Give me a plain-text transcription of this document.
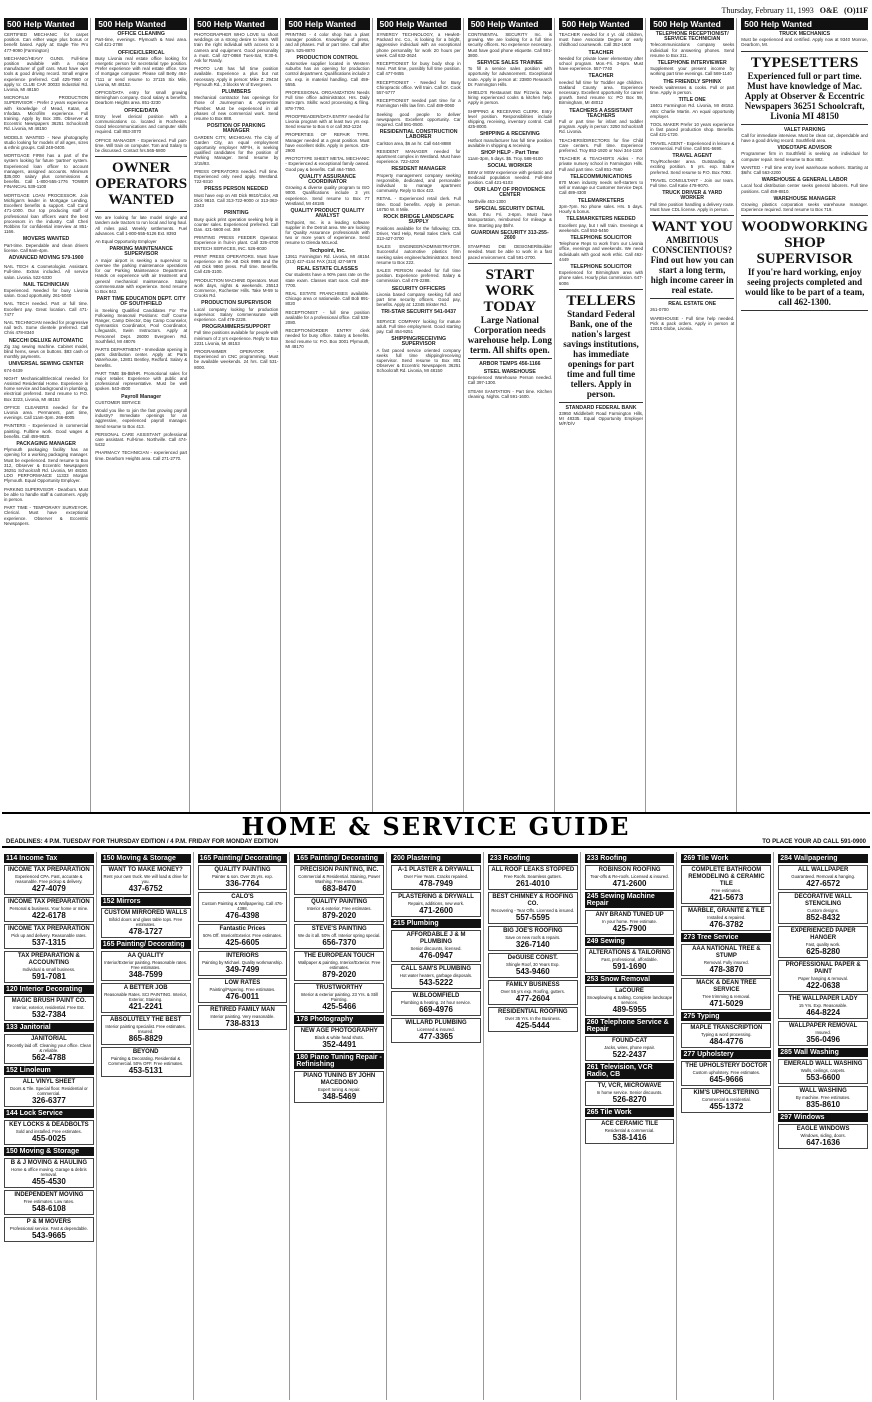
Thursday, February 11, 1993 O&E (O)11F
500 Help Wanted
CERTIFIED MECHANIC for carpet position. Can either wage plus bonus or benefit based. Apply at: Eagle Tire Pro 477-9090 (Farmington)
MECHANIC/HEAVY GUNS. Full-time position available with a major manufacturer of golf cars. Must have own tools & good driving record. Small engine experience preferred. Call 425-7960 or apply to: CLUB CAR 30033 Industrial Rd. Livonia, MI 48150
MICROFILM PRODUCTION SUPERVISOR - Prefer 2 years experience with knowledge of Mead, Katan, & Infodata. Microfilm experience. Full training. Apply by Box 305. Observer & Eccentric Newspapers 36251 Schoolcraft Rd. Livonia, MI 48150
MODELS WANTED - New photography studio looking for models of all ages, sizes & ethnic groups. Call 248-0400.
MORTGAGE FIRM has a part of the system looking for future 'partner' system. Experienced loan officer to account managers, assigned accounts. Minimum $35,000 salary plus commissions & benefits. Call 1-800-555-1776 TOWER FINANCIAL 539-1100
MORTGAGE LOAN PROCESSOR. Join Michigan's leader in Mortgage Lending. Excellent benefits & support. Call Carol 471-1000. Our top producing staff of professional loan officers want the best processors in the industry. Call Cheri Robbins for confidential interview at 851-1166.
MOVERS WANTED
Part-time. Dependable and clean drivers license. Call 9am-4pm.
ADVANCED MOVING 579-1900
NAIL TECH & Cosmetologist. Assistant. Full-time. Extras included. All service salon. Livonia. 522-5330
NAIL TECHNICIAN
Experienced. Needed for busy Livonia salon. Good opportunity. 261-5040
NAIL TECH needed. Part or full time. Excellent pay. Great location. Call 471-7477
NAIL TECHNICIAN needed for progressive nail tech. Some clientele preferred. Call Chris 478-8340
NECCHI DELUXE AUTOMATIC
Zig zag sewing machine. Cabinet model, blind hems, sews on buttons. $83 cash or monthly payments.
UNIVERSAL SEWING CENTER
674-0439
NIGHT Mechanical/Electrical needed for Assisted Residential Home. Experience in home service and background in plumbing, electrical preferred. Send resume to P.O. Box 3223, Livonia, MI 48153
OFFICE CLEANERS needed for the Livonia area. Permanent, part time, evenings. Call 11am-3pm. 266-8005
PAINTERS - Experienced in commercial painting. Fulltime work. Good wages & benefits. Call 459-9820.
PACKAGING MANAGER
Plymouth packaging facility has an opening for a working packaging manager. Must be experienced. Send resume to Box 312, Observer & Eccentric Newspapers 36251 Schoolcraft Rd. Livonia, MI 48150. LDO PERFORMANCE 11333 Morgan Plymouth. Equal Opportunity Employer.
PARKING SUPERVISOR - Dearborn. Must be able to handle staff & customers. Apply in person.
PART TIME - TEMPORARY SURVEYOR. Clerical. Must have exceptional experience. Observer & Eccentric Newspapers.
500 Help Wanted
OFFICE CLEANING
Part-time, evenings. Plymouth & Novi area. Call 421-2788
OFFICE/CLERICAL
Busy Livonia real estate office looking for energetic person for secretarial type position. Prefer experience with real estate office. Use of mortgage computer. Please call Betty 464-7111 or send resume to 37115 Six Mile, Livonia, MI 48152.
OFFICE/DATA entry for small growing Birmingham company. Good salary & benefits. Dearborn Heights area. 851-3230
OFFICE/DATA
Entry level clerical position with a communications co. located in Rochester. Good telecommunications and computer skills required. Call 853-3070
OFFICE MANAGER - Experienced. Full part-time. Will train on computer. Tom and Salary to be discussed. Contact hrs.565-5800
OWNER OPERATORS WANTED
We are looking for late model single and tandem axle tractors to run local and long haul. All miles paid. Weekly settlements. Fuel advances. Call 1-800-555-5126 Ext. 8393
An Equal Opportunity Employer
PARKING MAINTENANCE SUPERVISOR
A major airport is seeking a supervisor to oversee the parking maintenance operations for our Parking Maintenance Department. Hands on experience with air treatment and general mechanical maintenance. Salary commensurate with experience. Send resume to Box 842.
PART TIME EDUCATION DEPT. CITY OF SOUTHFIELD
is Seeking Qualified Candidates For The Following Seasonal Positions: Golf Course Ranger, Camp Director, Day Camp Counselor, Gymnastics Coordinator, Pool Coordinator, Lifeguards, Swim Instructors. Apply at Personnel Dept. 26000 Evergreen Rd. Southfield, MI 48076
PARTS DEPARTMENT - Immediate opening in parts distribution center. Apply at: Parts Warehouse, 12801 Bentley, Redford. Salary & benefits.
PART TIME $6-$8/HR. Promotional sales for major retailer. Experience with public and professional representative. Must be well spoken. 543-4500
Payroll Manager
CUSTOMER SERVICE
Would you like to join the fast growing payroll industry? Immediate openings for an aggressive, experienced payroll manager. Send resume to Box 413.
PERSONAL CARE ASSISTANT professional care assistant. Full-time. Northville. Call 474-5432
PHARMACY TECHNICIAN - experienced part time. Dearborn Heights area. Call 271-2770.
500 Help Wanted
PHOTOGRAPHER WHO LOVE to shoot weddings on a strong desire to learn. Will train the right individual with access to a camera and equipment. Good personality a must. Call 427-0868 Tues-Sat, 9:30-6. Ask for Randy.
PHOTO LAB has full time position available. Experience a plus but not necessary. Apply in person: Mike Z. 29434 Plymouth Rd., 3 blocks W of Evergreen.
PLUMBERS
Mechanical contractor has openings for those of Journeyman & Apprentice Plumber. Must be experienced in all phases of new commercial work. Send resume to Box 888.
POSITION OF PARKING MANAGER
GARDEN CITY, MICHIGAN. The City of Garden City, an equal employment opportunity employer M/F/H, is seeking qualified candidates for the position of Parking Manager. Send resume by 3/15/93.
PRESS OPERATORS needed. Full time. Experienced only need apply. Westland. 722-9310
PRESS PERSON NEEDED
Must have exp on AB Dick 9810/Color, AB Dick 9810. Call 313-722-9000 or 313-363-2343
PRINTING
Busy quick print operation seeking help in counter sales. Experienced preferred. Call Dan. 421-5600 ext. 369
PRINTING PRESS FEEDER Operator. Experience in fruit-in plant. Call 326-4700 ENTECH SERVICES, INC. 526-8030
PRINT PRESS OPERATORS. Must have experience on the AB Dick 9995 and the AB Dick 9860 press. Full time. Benefits. Call 425-3100.
PRODUCTION MACHINE Operators. Must work days, nights & weekends. 25513 Commerce, Rochester Hills. Take M-59 to Crooks Rd.
PRODUCTION SUPERVISOR
Local company looking for production supervisor. Salary commensurate with experience. Call 478-2228.
PROGRAMMERS/SUPPORT
Full time positions available for people with minimum of 2 yrs experience. Reply to Box 2231 Livonia, MI 48153
PROGRAMMER OPERATOR - Experienced on CNC programming. Must be available weekends. 24 hrs. Call 531-8000.
500 Help Wanted
PRINTING - 4 color shop has a plant manager position. Knowledge of press, and all phases. Full or part time. Call after 2pm. 525-8870
PRODUCTION CONTROL
Automotive supplier located in Western suburbs has an opening for production control department. Qualifications include 2 yrs. exp. in material handling. Call 459-5555.
PROFESSIONAL ORGANIZATION Needs Full time office administrator. Hrs. Daily 8am-2pm. Skills: word processing & filing. 878-7790.
PROOFREADER/DATA ENTRY needed for Livonia program with at least two yrs exp. Send resume to Box 6 or call 363-1224
PROPERTIES OF REPAIR TYPE. Manager needed at a great position. Must have excellent skills. Apply in person. 425-2900
PROTOTYPE SHEET METAL MECHANIC - Experienced & exceptional family owned. Good pay & benefits. Call 464-7550.
QUALITY ASSURANCE COORDINATOR
Growing & diverse quality program to ISO 9000. Qualifications include 3 yrs experience. Send resume to Box 77 Westland, MI 48185
QUALITY PRODUCT QUALITY ANALYST
Techpoint, Inc. is a leading software supplier in the Detroit area. We are looking for Quality Assurance professionals with two or more years of experience. Send resume to Glenda McLeod.
Techpoint, Inc.
13911 Farmington Rd. Livonia, MI 48154 (313) 427-4144 FAX (313) 427-5978
REAL ESTATE CLASSES
Our students have a 90% pass rate on the state exam. Classes start soon. Call 458-7700.
REAL ESTATE FRANCHISES available. Chicago area or nationwide. Call Bob 891-8020
RECEPTIONIST - full time position available for a professional office. Call 538-2080.
RECEPTION/ORDER ENTRY clerk needed for busy office. Salary & benefits. Send resume to: P.O. Box 3001 Plymouth, MI 48170
500 Help Wanted
SYNERGY TECHNOLOGY, a Hewlett-Packard Inc. Co., is looking for a bright, aggressive individual with an exceptional phone personality for work 20 hours per week. Call 632-3624
RECEPTIONIST for busy body shop in Novi. Part time, possibly full time position. Call 477-9455
RECEPTIONIST - Needed for Busy Chiropractic office. Will train. Call Dr. Cook 557-5777
RECEPTIONIST needed part time for a Farmington Hills law firm. Call 489-0060
Seeking good people to deliver newspapers. Excellent opportunity. Car required. Call 591-0500.
RESIDENTIAL CONSTRUCTION LABORER
Carlston area, $6 an hr. Call 644-8888
RESIDENT MANAGER needed for apartment complex in Westland. Must have experience. 722-4200
RESIDENT MANAGER
Property management company seeking responsible, dedicated, and personable individual to manage apartment community. Reply to Box 422.
RETAIL - Experienced retail clerk. Full time. Good benefits. Apply in person. 16750 W. 8 Mile.
ROCK BRIDGE LANDSCAPE SUPPLY
Positions available for the following: CDL Driver, Yard Help, Retail Sales Clerk. Call 313-427-3700
SALES ENGINEER/ADMINISTRATOR. Successful automotive plastics firm seeking sales engineer/administrator. Send resume to Box 222.
SALES PERSON needed for full time position. Experience preferred. Salary & commission. Call 478-2288.
SECURITY OFFICERS
Livonia based company seeking full and part time security officers. Good pay, benefits. Apply at: 12345 Inkster Rd.
TRI-STAR SECURITY 541-0437
SERVICE COMPANY looking for mature adult. Full time employment. Good starting pay. Call 454-9251
SHIPPING/RECEIVING SUPERVISOR
A fast paced service oriented company seeks full time shipping/receiving supervisor. Send resume to Box 801 Observer & Eccentric Newspapers 36251 Schoolcraft Rd. Livonia, MI 48150
500 Help Wanted
CONTINENTAL SECURITY Inc. is growing. We are looking for a full time security officers. No experience necessary. Must have good phone etiquette. Call 591-3800.
SERVICE SALES TRAINEE
To fill a service sales position with opportunity for advancement. Exceptional route. Apply in person at: 23800 Research Dr. Farmington Hills.
SHIELD'S Restaurant Bar Pizzeria. Now hiring experienced cooks & kitchen help. Apply in person.
SHIPPING & RECEIVING CLERK. Entry level position. Responsibilities include shipping, receiving, inventory control. Call 425-8000.
SHIPPING & RECEIVING
Hotfoot manufacturer has full time position available in shipping & receiving.
SHOP HELP - Part Time
11am-3pm, 5 days. $5. Troy. 588-9100
SOCIAL WORKER
BSW or MSW experience with geriatric and medicaid population needed. Full-time position. Call 421-6103
OUR LADY OF PROVIDENCE CENTER
Northville 453-1300
SPECIAL SECURITY DETAIL
Mon. thru Fri. 2-6pm. Must have transportation, reimbursed for mileage & time. Starting pay $5/hr.
GUARDIAN SECURITY 313-255-2600
STAMPING DIE DESIGNER/Builder needed. Must be able to work in a fast paced environment. Call 591-2700.
START WORK TODAY
Large National Corporation needs warehouse help. Long term. All shifts open.
ARBOR TEMPS 456-1166
STEEL WAREHOUSE
Experienced Warehouse Person needed. Call 397-1300.
STEAM SANITATION - Part time. Kitchen cleaning. Nights. Call 591-1600.
500 Help Wanted
TEACHER needed for 4 yr. old children, must have Associate Degree or early childhood coursework. Call 352-1600
TEACHER
Needed for private lower elementary after school program. Mon.-Fri. 3-6pm. Must have experience. 557-7740
TEACHER
needed full time for Toddler age children. Oakland County area. Experience necessary. Excellent opportunity for career growth. Send resume to: PO Box 59, Birmingham, MI 48012
TEACHERS A ASSISTANT TEACHERS
Full or part time for infant and toddler program. Apply in person: 3250 Schoolcraft Rd. Livonia.
TEACHERS/DIRECTORS for fine Child Care centers. Full time. Experience preferred. Troy 853-1920 or Novi 344-1100
TEACHER & TEACHER'S Aides - For private nursery school in Farmington Hills. Full and part time. Call 851-7560
TELECOMMUNICATIONS
870 Moen industry needs self-starters to sell or manage our Customer Service Dept. Call 489-4300
TELEMARKETERS
3pm-7pm. No phone sales. Hrs. 5 days. Hourly & bonus.
TELEMARKETERS NEEDED
Excellent pay, but I will train. Evenings & weekends. Call 553-5450
TELEPHONE SOLICITOR
Telephone Reps to work from our Livonia office, evenings and weekends. We need individuals with good work ethic. Call 462-4449
TELEPHONE SOLICITOR
Experienced for Birmingham area with phone sales. Hourly plus commission. 647-6006
TELLERS
Standard Federal Bank, one of the nation's largest savings institutions, has immediate openings for part time and full time tellers. Apply in person.
STANDARD FEDERAL BANK
33950 Middlebelt Road Farmington Hills, MI 48335. Equal Opportunity Employer M/F/D/V
500 Help Wanted
TELEPHONE RECEPTIONIST/ SERVICE TECHNICIAN
Telecommunications company seeks individual for answering phones. Send resume to Box 311.
TELEPHONE INTERVIEWER
Supplement your present income by working part time evenings. Call 569-1140
THE FRIENDLY SPHINX
Needs waitresses & cooks. Full or part time. Apply in person.
TITLE ONE
18401 Farmington Rd. Livonia, MI 48152. Attn: Charlie Martin. An equal opportunity employer.
TOOL MAKER Prefer 10 years experience in fast paced production shop. Benefits. Call 421-1720.
TRAVEL AGENT - Experienced in leisure & commercial. Full time. Call 591-5690.
TRAVEL AGENT
Troy/Rochester area. Outstanding & exciting position. 5 yrs. exp. Sabre preferred. Send resume to P.O. Box 7092.
TRAVEL CONSULTANT - Join our team. Full time. Call Katie 478-9070.
TRUCK DRIVER & YARD WORKER
Full time position handling a delivery route. Must have CDL license. Apply in person.
WANT YOU
AMBITIOUS CONSCIENTIOUS? Find out how you can start a long term, high income career in real estate.
REAL ESTATE ONE
261-0700
WAREHOUSE - Full time help needed. Pick & pack orders. Apply in person at 12015 Globe, Livonia.
500 Help Wanted
TRUCK MECHANICS
Must be experienced and certified. Apply now at 9340 Monroe, Dearborn, MI.
TYPESETTERS
Experienced full or part time. Must have knowledge of Mac. Apply at Observer & Eccentric Newspapers 36251 Schoolcraft, Livonia MI 48150
VALET PARKING
Call for immediate interview. Must be clean cut, dependable and have a good driving record. Southfield area.
VIDEOTAPE ADVISOR
Programmer firm in Southfield is seeking an individual for computer repair. Send resume to Box 882.
WANTED - Full time entry level warehouse workers. Starting at $6/hr. Call 563-2200
WAREHOUSE & GENERAL LABOR
Local food distribution center seeks general laborers. Full time positions. Call 459-8810.
WAREHOUSE MANAGER
Growing plastics corporation seeks warehouse manager. Experience required. Send resume to Box 719.
WOODWORKING SHOP SUPERVISOR
If you're hard working, enjoy seeing projects completed and would like to be part of a team, call 462-1300.
HOME & SERVICE GUIDE
DEADLINES: 4 P.M. TUESDAY FOR THURSDAY EDITION / 4 P.M. FRIDAY FOR MONDAY EDITION	TO PLACE YOUR AD CALL 591-0900
114 Income Tax
INCOME TAX PREPARATION
Experienced CPA. Fast, accurate & reasonable. Free pickup & delivery.
427-4079
INCOME TAX PREPARATION
Personal & business. Your home or mine.
422-6178
INCOME TAX PREPARATION
Pick up and delivery. Reasonable rates.
537-1315
TAX PREPARATION & ACCOUNTING
Individual & small business.
591-7081
120 Interior Decorating
MAGIC BRUSH PAINT CO.
Interior, exterior, residential. Free Est.
532-7384
133 Janitorial
JANITORIAL
Recently laid off. Cleaning your office. Clean & reliable.
562-4788
152 Linoleum
ALL VINYL SHEET
Doors & Tile. Special floor. Residential or commercial.
326-6377
144 Lock Service
KEY LOCKS & DEADBOLTS
Sold and installed. Free estimates.
455-0025
150 Moving & Storage
B & J MOVING & HAULING
Home & office moving. Garage & debris removal.
455-4530
INDEPENDENT MOVING
Free estimates. Low rates.
548-6108
P & M MOVERS
Professional service. Fast & dependable.
543-9665
150 Moving & Storage
WANT TO MAKE MONEY?
Rent your own truck. We will load & drive for you.
437-6752
152 Mirrors
CUSTOM MIRRORED WALLS
Bifold doors and glass table tops. Free estimates.
478-1727
165 Painting/ Decorating
AA QUALITY
Interior/Exterior painting. Reasonable rates. Free estimates.
348-7599
A BETTER JOB
Reasonable Rates. SCI PAINTING. Interior, Exterior, Staining.
421-2241
ABSOLUTELY THE BEST
Interior painting specialist. Free estimates. Insured.
865-8829
BEYOND
Painting & Decorating. Residential & Commercial. 50% OFF. Free estimates.
453-5131
165 Painting/ Decorating
QUALITY PAINTING
Painter & son. Over 25 yrs. exp.
336-7764
CALO'S
Custom Painting & Wallpapering. Call 476-4398.
476-4398
Fantastic Prices
50% Off. Interior/Exterior. Free estimates.
425-6605
INTERIORS
Painting by Michael. Quality workmanship.
349-7499
LOW RATES
Painting/Papering. Free estimates.
476-0011
RETIRED FAMILY MAN
Interior painting. Very reasonable.
738-8313
165 Painting/ Decorating
PRECISION PAINTING, INC.
Commercial & Residential. Staining, Power Washing. Free estimates.
683-8470
QUALITY PAINTING
Interior & exterior. Free estimates.
879-2020
STEVE'S PAINTING
We do it all. 50% off. Interior spring special.
656-7370
THE EUROPEAN TOUCH
Wallpaper & painting. Interior/Exterior. Free estimates.
879-2020
TRUSTWORTHY
Interior & exterior painting. 23 Yrs. & Still Painting.
425-5466
178 Photography
NEW AGE PHOTOGRAPHY
Black & white head shots.
352-4491
180 Piano Tuning Repair - Refinishing
PIANO TUNING BY JOHN MACEDONIO
Expert tuning & repair.
348-5469
200 Plastering
A-1 PLASTER & DRYWALL
Over Five Years. Cracks repaired.
478-7949
PLASTERING & DRYWALL
Repairs, additions, new work.
471-2600
215 Plumbing
AFFORDABLE J & M PLUMBING
Senior discounts, licensed.
476-0947
CALL SAM'S PLUMBING
Hot water heaters, garbage disposals.
543-5222
W.BLOOMFIELD
Plumbing & heating. 24 hour service.
669-4976
WILLARD PLUMBING
Licensed & insured.
477-3365
233 Roofing
ALL ROOF LEAKS STOPPED
Free Roofs. Seamless gutters.
261-4010
BEST CHIMNEY & ROOFING CO.
Recovering - Tear Offs. Licensed & insured.
557-5595
BIG JOE'S ROOFING
Save on new roofs & repairs.
326-7140
DeGUISE CONST.
Shingle Roof, 30 Years Exp.
543-9460
FAMILY BUSINESS
Over 55 yrs exp. Roofing, gutters.
477-2604
RESIDENTIAL ROOFING
Over 35 Yrs. In the Business.
425-5444
233 Roofing
ROBINSON ROOFING
Tear-offs & Re-roofs. Licensed & insured.
471-2600
245 Sewing Machine Repair
ANY BRAND TUNED UP
In your home. Free estimate.
425-7900
249 Sewing
ALTERATIONS & TAILORING
Fast, professional, affordable.
591-1690
253 Snow Removal
LaCOURE
Snowplowing & Salting. Complete landscape services.
489-5955
260 Telephone Service & Repair
FOUND-CAT
Jacks, wires, phone repair.
522-2437
261 Television, VCR Radio, CB
TV, VCR, MICROWAVE
In home service. Senior discounts.
526-8270
265 Tile Work
ACE CERAMIC TILE
Residential & commercial.
538-1416
269 Tile Work
COMPLETE BATHROOM REMODELING & CERAMIC TILE
Free estimates.
421-5673
MARBLE, GRANITE & TILE
Installed & repaired.
476-3782
273 Tree Service
AAA NATIONAL TREE & STUMP
Removal. Fully insured.
478-3870
MACK & DEAN TREE SERVICE
Tree trimming & removal.
471-5029
275 Typing
MAPLE TRANSCRIPTION
Typing & word processing.
484-4776
277 Upholstery
THE UPHOLSTERY DOCTOR
Custom upholstery. Free estimates.
645-9666
KIM'S UPHOLSTERING
Commercial & residential.
455-1372
284 Wallpapering
ALL WALLPAPER
Guaranteed. Removal & hanging.
427-6572
DECORATIVE WALL STENCILING
Custom designs.
852-8432
EXPERIENCED PAPER HANGER
Fast, quality work.
625-8280
PROFESSIONAL PAPER & PAINT
Paper hanging & removal.
422-0638
THE WALLPAPER LADY
15 Yrs. Exp. Reasonable.
464-8224
WALLPAPER REMOVAL
Insured.
356-0496
285 Wall Washing
EMERALD WALL WASHING
Walls, ceilings, carpets.
553-6600
WALL WASHING
By machine. Free estimates.
835-8610
297 Windows
EAGLE WINDOWS
Windows, siding, doors.
647-1636
